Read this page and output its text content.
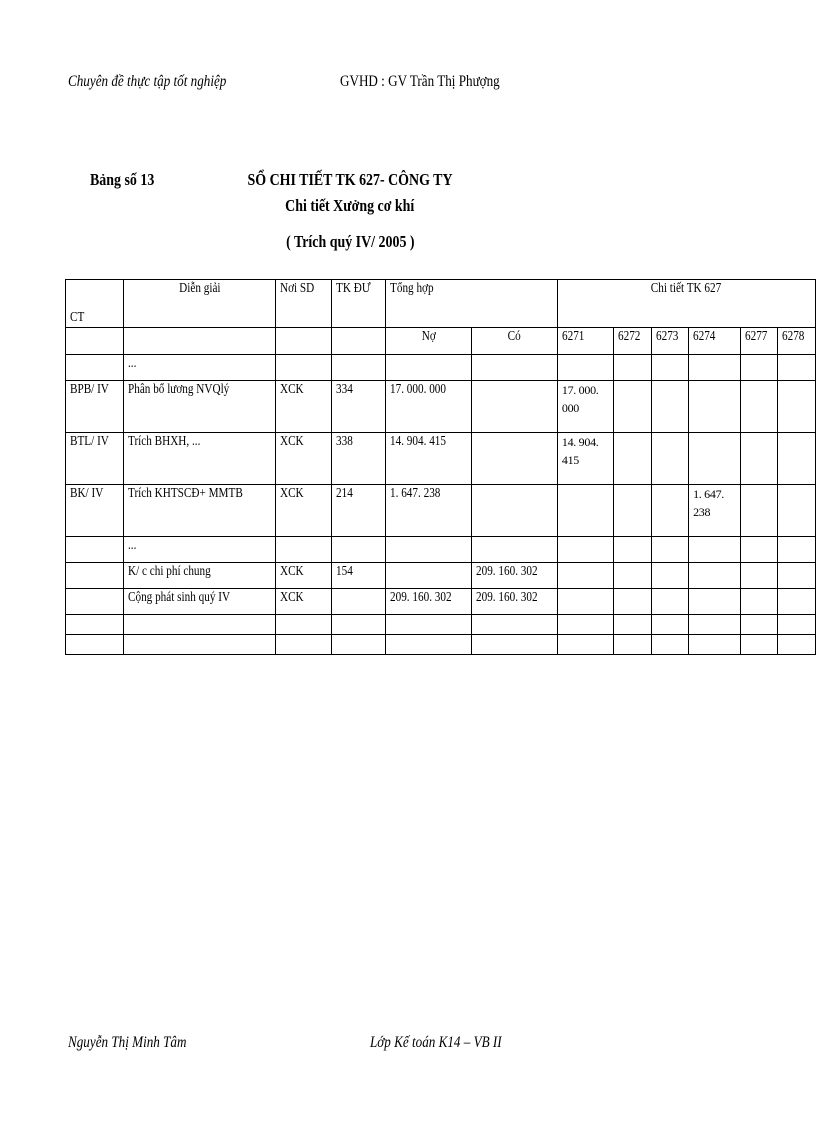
Chuyên đề thực tập tốt nghiệp	GVHD : GV Trần Thị Phượng
Bảng số 13	SỔ CHI TIẾT TK 627- CÔNG TY
Chi tiết Xưởng cơ khí
( Trích quý IV/ 2005 )
CT	Diễn giải	Nơi SD	TK ĐƯ	Tổng hợp		Chi tiết TK 627					
				Nợ	Có	6271	6272	6273	6274	6277	6278
	...										
BPB/ IV	Phân bổ lương NVQlý	XCK	334	17. 000. 000		17. 000. 000					
BTL/ IV	Trích BHXH, ...	XCK	338	14. 904. 415		14. 904. 415					
BK/ IV	Trích KHTSCĐ+ MMTB	XCK	214	1. 647. 238					1. 647. 238		
	...										
	K/ c chi phí chung	XCK	154		209. 160. 302						
	Cộng phát sinh quý IV	XCK		209. 160. 302	209. 160. 302						

Nguyễn Thị Minh Tâm	Lớp Kế toán K14 – VB II
